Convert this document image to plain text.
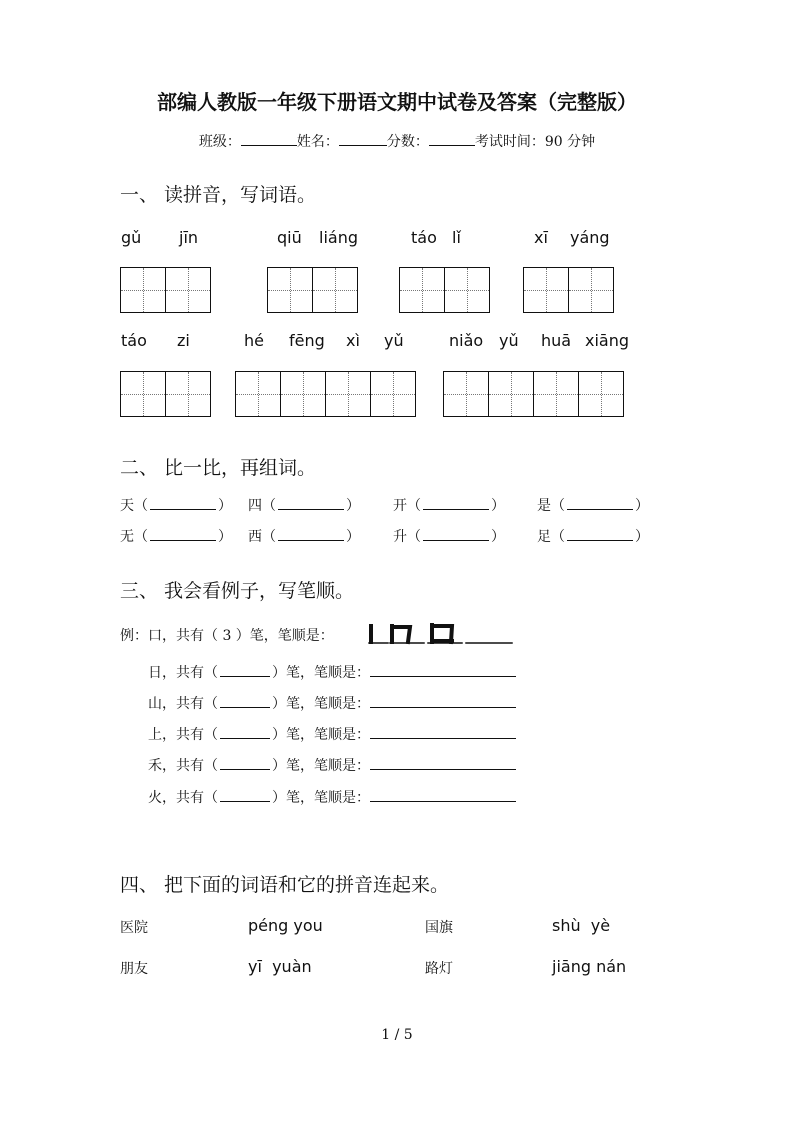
部编人教版一年级下册语文期中试卷及答案（完整版）
班级：	姓名：	分数：	考试时间：90 分钟
一、 读拼音，写词语。
gǔ jīn	qiū liáng	táo lǐ	xī yáng
táo zi	hé fēng xì yǔ	niǎo yǔ huā xiāng
二、 比一比，再组词。
天（	） 四（	） 开（	） 是（	）
无（	） 西（	） 升（	） 足（	）
三、 我会看例子，写笔顺。
例：口，共有（ 3 ）笔，笔顺是：
日，共有（	）笔，笔顺是：
山，共有（	）笔，笔顺是：
上，共有（	）笔，笔顺是：
禾，共有（	）笔，笔顺是：
火，共有（	）笔，笔顺是：
四、 把下面的词语和它的拼音连起来。
医院	péng you	国旗	shù  yè
朋友	yī  yuàn	路灯	jiāng nán
1 / 5
